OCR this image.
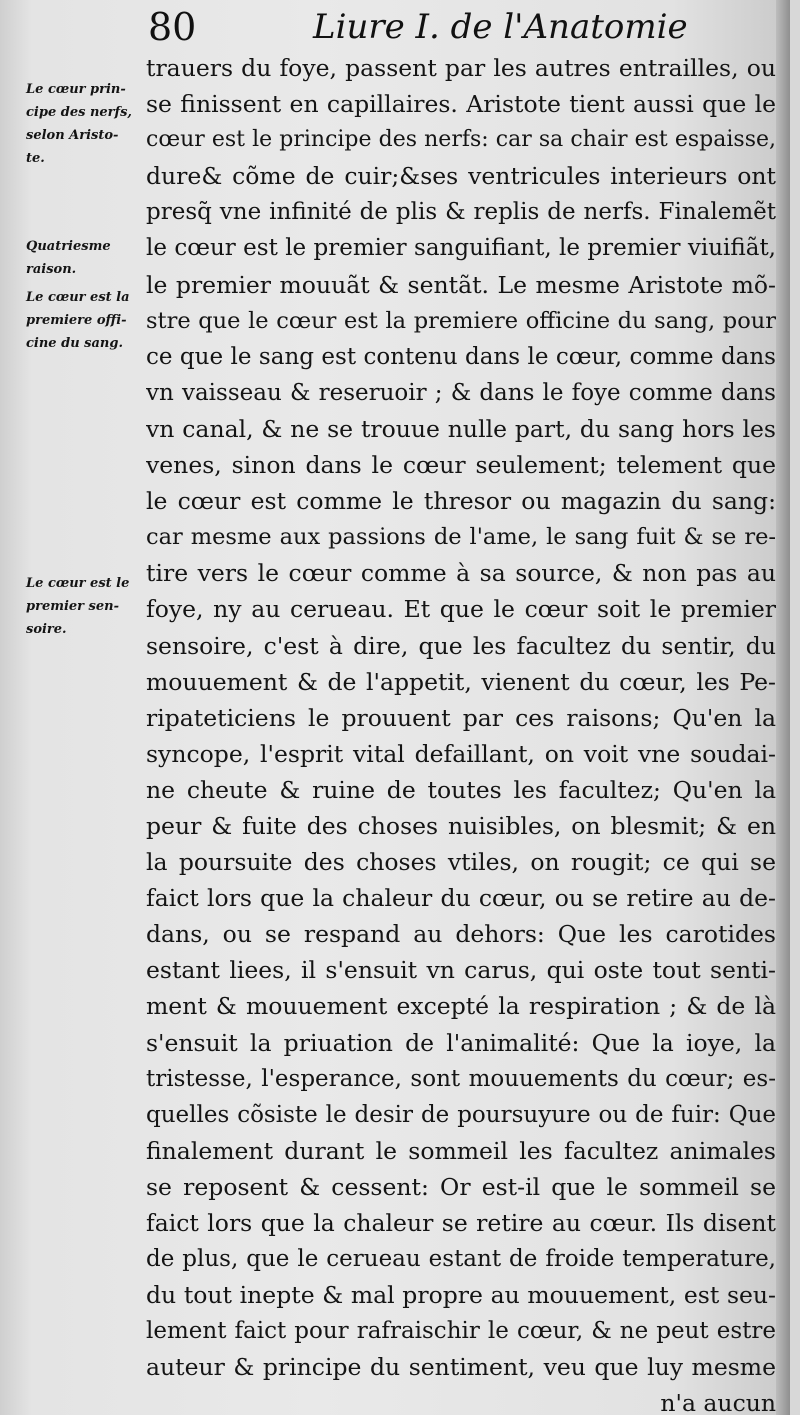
80	Liure I. de l'Anatomie
Le cœur prin-
cipe des nerfs,
selon Aristo-
te.
Quatriesme
raison.
Le cœur est la
premiere offi-
cine du sang.
Le cœur est le
premier sen-
soire.
trauers du foye, passent par les autres entrailles, ou
se finissent en capillaires. Aristote tient aussi que le
cœur est le principe des nerfs: car sa chair est espaisse,
dure& cõme de cuir;&ses ventricules interieurs ont
presq̃ vne infinité de plis & replis de nerfs. Finalemẽt
le cœur est le premier sanguifiant, le premier viuifiãt,
le premier mouuãt & sentãt. Le mesme Aristote mõ-
stre que le cœur est la premiere officine du sang, pour
ce que le sang est contenu dans le cœur, comme dans
vn vaisseau & reseruoir ; & dans le foye comme dans
vn canal, & ne se trouue nulle part, du sang hors les
venes, sinon dans le cœur seulement; telement que
le cœur est comme le thresor ou magazin du sang:
car mesme aux passions de l'ame, le sang fuit & se re-
tire vers le cœur comme à sa source, & non pas au
foye, ny au cerueau. Et que le cœur soit le premier
sensoire, c'est à dire, que les facultez du sentir, du
mouuement & de l'appetit, vienent du cœur, les Pe-
ripateticiens le prouuent par ces raisons; Qu'en la
syncope, l'esprit vital defaillant, on voit vne soudai-
ne cheute & ruine de toutes les facultez; Qu'en la
peur & fuite des choses nuisibles, on blesmit; & en
la poursuite des choses vtiles, on rougit; ce qui se
faict lors que la chaleur du cœur, ou se retire au de-
dans, ou se respand au dehors: Que les carotides
estant liees, il s'ensuit vn carus, qui oste tout senti-
ment & mouuement excepté la respiration ; & de là
s'ensuit la priuation de l'animalité: Que la ioye, la
tristesse, l'esperance, sont mouuements du cœur; es-
quelles cõsiste le desir de poursuyure ou de fuir: Que
finalement durant le sommeil les facultez animales
se reposent & cessent: Or est-il que le sommeil se
faict lors que la chaleur se retire au cœur. Ils disent
de plus, que le cerueau estant de froide temperature,
du tout inepte & mal propre au mouuement, est seu-
lement faict pour rafraischir le cœur, & ne peut estre
auteur & principe du sentiment, veu que luy mesme
n'a aucun
